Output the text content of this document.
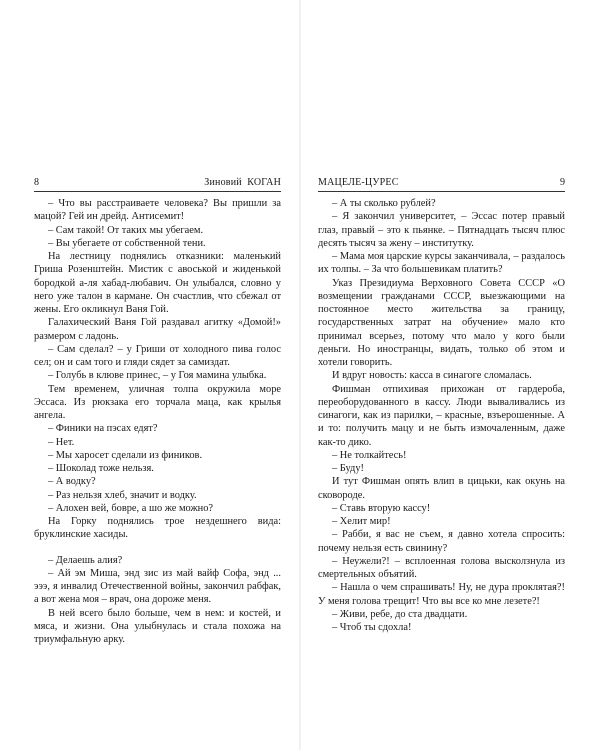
8	Зиновий КОГАН

– Что вы расстраиваете человека? Вы пришли за мацой? Гей ин дрейд. Антисемит!

– Сам такой! От таких мы убегаем.

– Вы убегаете от собственной тени.

На лестницу поднялись отказники: маленький Гриша Розенштейн. Мистик с авоськой и жиденькой бородкой а-ля хабад-любавич. Он улыбался, словно у него уже талон в кармане. Он счастлив, что сбежал от жены. Его окликнул Ваня Гой.

Галахический Ваня Гой раздавал агитку «Домой!» размером с ладонь.

– Сам сделал? – у Гриши от холодного пива голос сел; он и сам того и гляди сядет за самиздат.

– Голубь в клюве принес, – у Гоя мамина улыбка.

Тем временем, уличная толпа окружила море Эссаса. Из рюкзака его торчала маца, как крылья ангела.

– Финики на пэсах едят?

– Нет.

– Мы харосет сделали из фиников.

– Шоколад тоже нельзя.

– А водку?

– Раз нельзя хлеб, значит и водку.

– Алохен вей, бовре, а шо же можно?

На Горку поднялись трое нездешнего вида: бруклинские хасиды.

– Делаешь алия?

– Ай эм Миша, энд зис из май вайф Софа, энд ... эээ, я инвалид Отечественной войны, закончил рабфак, а вот жена моя – врач, она дороже меня.

В ней всего было больше, чем в нем: и костей, и мяса, и жизни. Она улыбнулась и стала похожа на триумфальную арку.

МАЦЕЛЕ-ЦУРЕС	9

– А ты сколько рублей?

– Я закончил университет, – Эссас потер правый глаз, правый – это к пьянке. – Пятнадцать тысяч плюс десять тысяч за жену – институтку.

– Мама моя царские курсы заканчивала, – раздалось их толпы. – За что большевикам платить?

Указ Президиума Верховного Совета СССР «О возмещении гражданами СССР, выезжающими на постоянное место жительства за границу, государственных затрат на обучение» мало кто принимал всерьез, потому что мало у кого были деньги. Но иностранцы, видать, только об этом и хотели говорить.

И вдруг новость: касса в синагоге сломалась.

Фишман отпихивая прихожан от гардероба, переоборудованного в кассу. Люди вываливались из синагоги, как из парилки, – красные, взъерошенные. А и то: получить мацу и не быть измочаленным, даже как-то дико.

– Не толкайтесь!

– Буду!

И тут Фишман опять влип в цицьки, как окунь на сковороде.

– Ставь вторую кассу!

– Хелит мир!

– Рабби, я вас не съем, я давно хотела спросить: почему нельзя есть свинину?

– Неужели?! – всплоенная голова высколзнула из смертельных объятий.

– Нашла о чем спрашивать! Ну, не дура проклятая?! У меня голова трещит! Что вы все ко мне лезете?!

– Живи, ребе, до ста двадцати.

– Чтоб ты сдохла!
